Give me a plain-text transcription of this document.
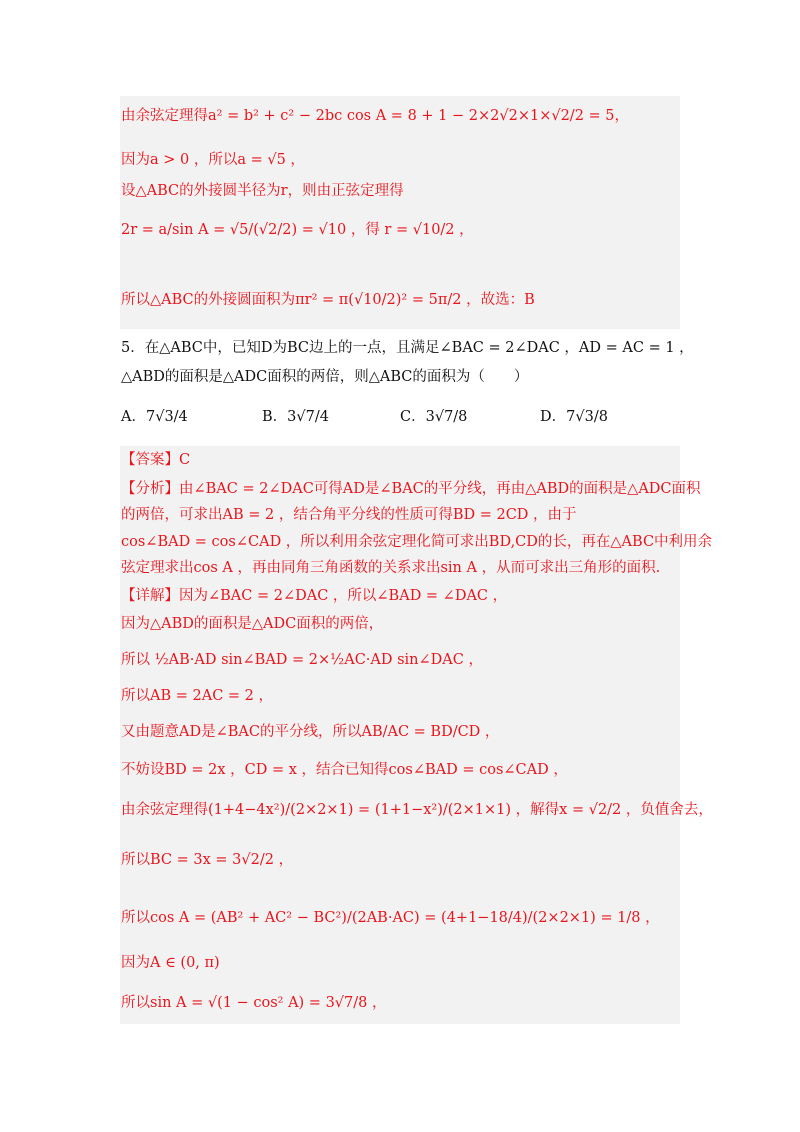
由余弦定理得a² = b² + c² − 2bc cos A = 8 + 1 − 2×2√2×1×√2/2 = 5，
因为a > 0 ，所以a = √5 ，
设△ABC的外接圆半径为r，则由正弦定理得
2r = a/sin A = √5/(√2/2) = √10 ，得 r = √10/2 ，
所以△ABC的外接圆面积为πr² = π(√10/2)² = 5π/2 ，故选：B
5．在△ABC中，已知D为BC边上的一点，且满足∠BAC = 2∠DAC ，AD = AC = 1 ，
△ABD的面积是△ADC面积的两倍，则△ABC的面积为（　　）
A．7√3/4	B．3√7/4	C．3√7/8	D．7√3/8
【答案】C
【分析】由∠BAC = 2∠DAC可得AD是∠BAC的平分线，再由△ABD的面积是△ADC面积
的两倍，可求出AB = 2 ，结合角平分线的性质可得BD = 2CD ，由于
cos∠BAD = cos∠CAD ，所以利用余弦定理化简可求出BD,CD的长，再在△ABC中利用余
弦定理求出cos A ，再由同角三角函数的关系求出sin A ，从而可求出三角形的面积.
【详解】因为∠BAC = 2∠DAC ，所以∠BAD = ∠DAC ，
因为△ABD的面积是△ADC面积的两倍，
所以 ½AB·AD sin∠BAD = 2×½AC·AD sin∠DAC ，
所以AB = 2AC = 2 ，
又由题意AD是∠BAC的平分线，所以AB/AC = BD/CD ，
不妨设BD = 2x ，CD = x ，结合已知得cos∠BAD = cos∠CAD ，
由余弦定理得(1+4−4x²)/(2×2×1) = (1+1−x²)/(2×1×1) ，解得x = √2/2 ，负值舍去，
所以BC = 3x = 3√2/2 ，
所以cos A = (AB² + AC² − BC²)/(2AB·AC) = (4+1−18/4)/(2×2×1) = 1/8 ，
因为A ∈ (0, π)
所以sin A = √(1 − cos² A) = 3√7/8 ，
